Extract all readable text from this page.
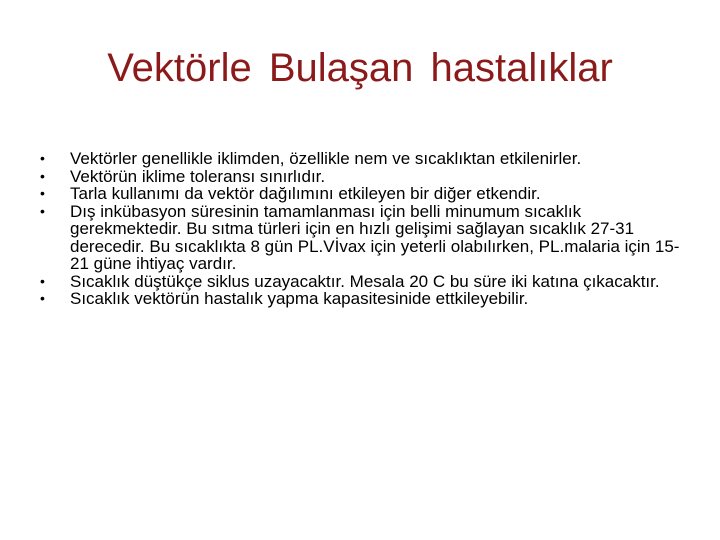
Vektörle Bulaşan hastalıklar
•	Vektörler genellikle iklimden, özellikle nem ve sıcaklıktan etkilenirler.
•	Vektörün iklime toleransı sınırlıdır.
•	Tarla kullanımı da vektör dağılımını etkileyen bir diğer etkendir.
•	Dış inkübasyon süresinin tamamlanması için belli minumum sıcaklık gerekmektedir. Bu sıtma türleri için en hızlı gelişimi sağlayan sıcaklık 27-31 derecedir. Bu sıcaklıkta 8 gün PL.Vİvax için yeterli olabılırken, PL.malaria için 15-21 güne ihtiyaç vardır.
•	Sıcaklık düştükçe siklus uzayacaktır. Mesala 20 C bu süre iki katına çıkacaktır.
•	Sıcaklık vektörün hastalık yapma kapasitesinide ettkileyebilir.
